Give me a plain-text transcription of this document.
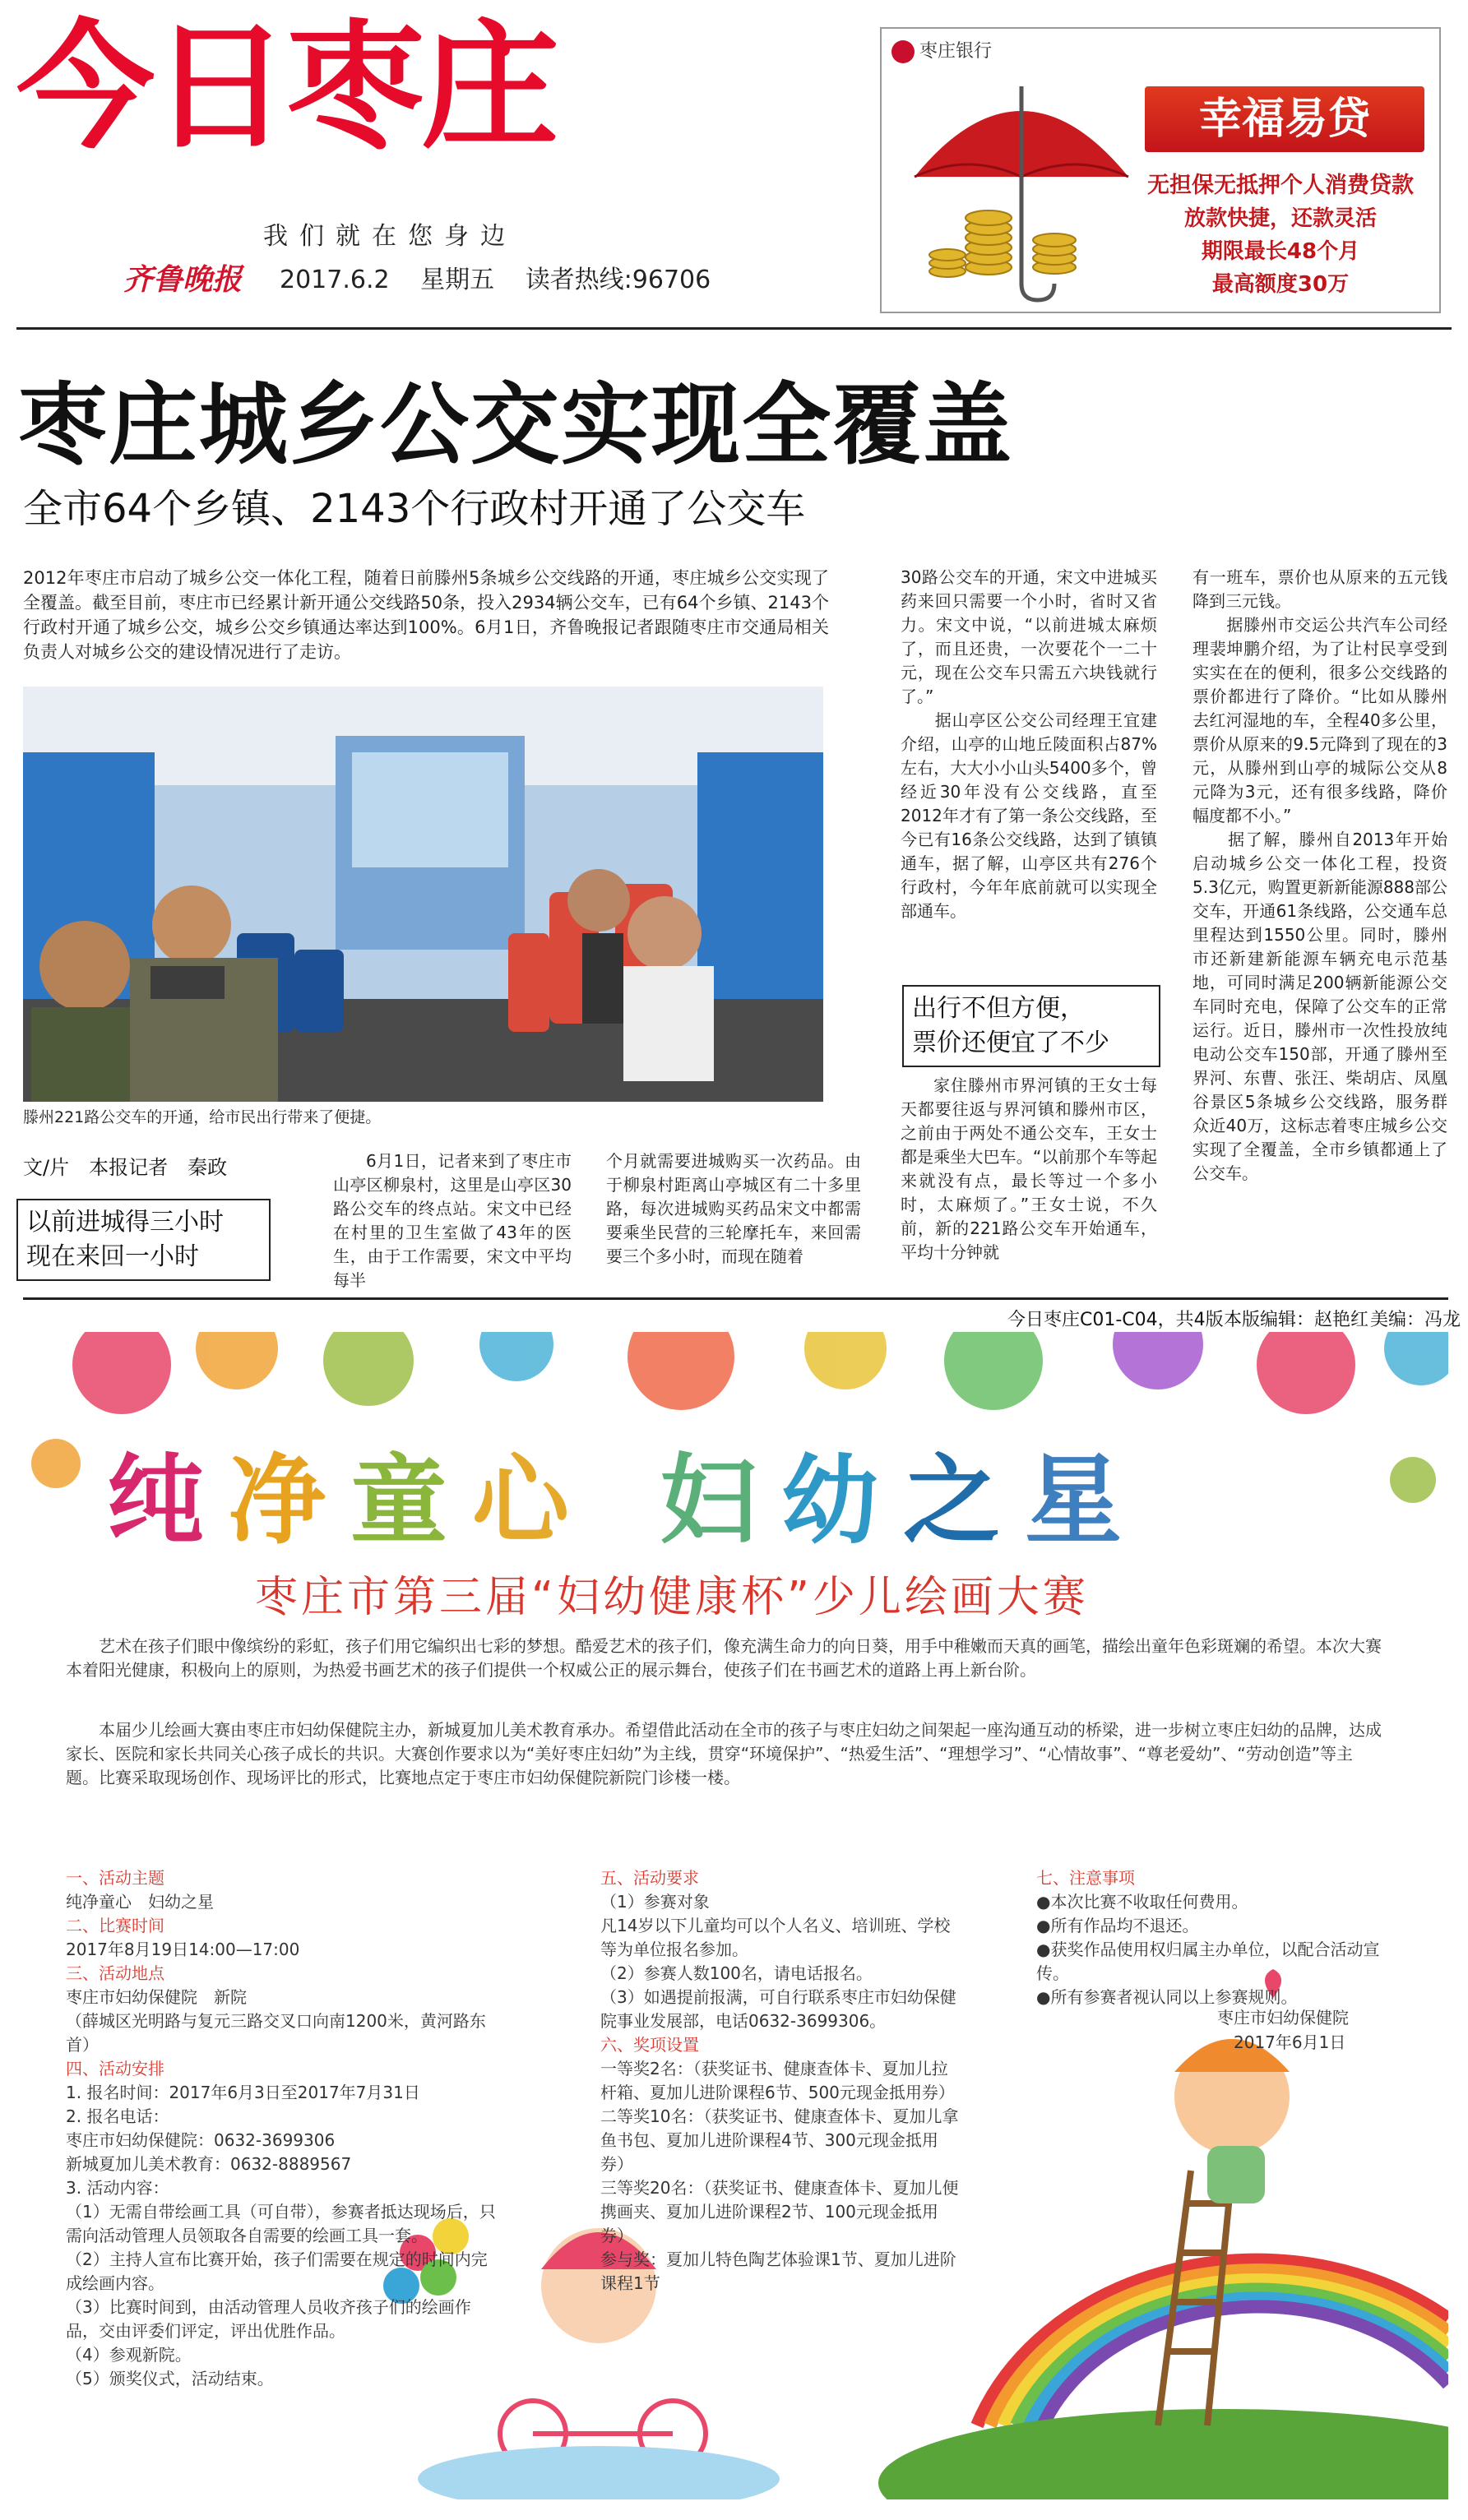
今日枣庄
我们就在您身边
齐鲁晚报 2017.6.2 星期五 读者热线:96706
枣庄银行
幸福易贷
无担保无抵押个人消费贷款
放款快捷，还款灵活
期限最长48个月
最高额度30万
枣庄城乡公交实现全覆盖
全市64个乡镇、2143个行政村开通了公交车
2012年枣庄市启动了城乡公交一体化工程，随着日前滕州5条城乡公交线路的开通，枣庄城乡公交实现了全覆盖。截至目前，枣庄市已经累计新开通公交线路50条，投入2934辆公交车，已有64个乡镇、2143个行政村开通了城乡公交，城乡公交乡镇通达率达到100%。6月1日，齐鲁晚报记者跟随枣庄市交通局相关负责人对城乡公交的建设情况进行了走访。
滕州221路公交车的开通，给市民出行带来了便捷。
文/片　本报记者　秦政
以前进城得三小时
现在来回一小时
6月1日，记者来到了枣庄市山亭区柳泉村，这里是山亭区30路公交车的终点站。宋文中已经在村里的卫生室做了43年的医生，由于工作需要，宋文中平均每半
个月就需要进城购买一次药品。由于柳泉村距离山亭城区有二十多里路，每次进城购买药品宋文中都需要乘坐民营的三轮摩托车，来回需要三个多小时，而现在随着
30路公交车的开通，宋文中进城买药来回只需要一个小时，省时又省力。宋文中说，“以前进城太麻烦了，而且还贵，一次要花个一二十元，现在公交车只需五六块钱就行了。”
　　据山亭区公交公司经理王宜建介绍，山亭的山地丘陵面积占87%左右，大大小小山头5400多个，曾经近30年没有公交线路，直至2012年才有了第一条公交线路，至今已有16条公交线路，达到了镇镇通车，据了解，山亭区共有276个行政村，今年年底前就可以实现全部通车。
出行不但方便，
票价还便宜了不少
家住滕州市界河镇的王女士每天都要往返与界河镇和滕州市区，之前由于两处不通公交车，王女士都是乘坐大巴车。“以前那个车等起来就没有点，最长等过一个多小时，太麻烦了。”王女士说，不久前，新的221路公交车开始通车，平均十分钟就
有一班车，票价也从原来的五元钱降到三元钱。
　　据滕州市交运公共汽车公司经理裴坤鹏介绍，为了让村民享受到实实在在的便利，很多公交线路的票价都进行了降价。“比如从滕州去红河湿地的车，全程40多公里，票价从原来的9.5元降到了现在的3元，从滕州到山亭的城际公交从8元降为3元，还有很多线路，降价幅度都不小。”
　　据了解，滕州自2013年开始启动城乡公交一体化工程，投资5.3亿元，购置更新新能源888部公交车，开通61条线路，公交通车总里程达到1550公里。同时，滕州市还新建新能源车辆充电示范基地，可同时满足200辆新能源公交车同时充电，保障了公交车的正常运行。近日，滕州市一次性投放纯电动公交车150部，开通了滕州至界河、东曹、张汪、柴胡店、凤凰谷景区5条城乡公交线路，服务群众近40万，这标志着枣庄城乡公交实现了全覆盖，全市乡镇都通上了公交车。
今日枣庄C01-C04，共4版 本版编辑：赵艳红 美编：冯龙
纯净童心 妇幼之星
枣庄市第三届“妇幼健康杯”少儿绘画大赛
艺术在孩子们眼中像缤纷的彩虹，孩子们用它编织出七彩的梦想。酷爱艺术的孩子们，像充满生命力的向日葵，用手中稚嫩而天真的画笔，描绘出童年色彩斑斓的希望。本次大赛本着阳光健康，积极向上的原则，为热爱书画艺术的孩子们提供一个权威公正的展示舞台，使孩子们在书画艺术的道路上再上新台阶。
本届少儿绘画大赛由枣庄市妇幼保健院主办，新城夏加儿美术教育承办。希望借此活动在全市的孩子与枣庄妇幼之间架起一座沟通互动的桥梁，进一步树立枣庄妇幼的品牌，达成家长、医院和家长共同关心孩子成长的共识。大赛创作要求以为“美好枣庄妇幼”为主线，贯穿“环境保护”、“热爱生活”、“理想学习”、“心情故事”、“尊老爱幼”、“劳动创造”等主题。比赛采取现场创作、现场评比的形式，比赛地点定于枣庄市妇幼保健院新院门诊楼一楼。
一、活动主题
纯净童心　妇幼之星
二、比赛时间
2017年8月19日14:00—17:00
三、活动地点
枣庄市妇幼保健院　新院
（薛城区光明路与复元三路交叉口向南1200米，黄河路东首）
四、活动安排
1. 报名时间：2017年6月3日至2017年7月31日
2. 报名电话：
枣庄市妇幼保健院：0632-3699306
新城夏加儿美术教育：0632-8889567
3. 活动内容：
（1）无需自带绘画工具（可自带），参赛者抵达现场后，只需向活动管理人员领取各自需要的绘画工具一套。
（2）主持人宣布比赛开始，孩子们需要在规定的时间内完成绘画内容。
（3）比赛时间到，由活动管理人员收齐孩子们的绘画作品，交由评委们评定，评出优胜作品。
（4）参观新院。
（5）颁奖仪式，活动结束。
五、活动要求
（1）参赛对象
凡14岁以下儿童均可以个人名义、培训班、学校等为单位报名参加。
（2）参赛人数100名，请电话报名。
（3）如遇提前报满，可自行联系枣庄市妇幼保健院事业发展部，电话0632-3699306。
六、奖项设置
一等奖2名：（获奖证书、健康查体卡、夏加儿拉杆箱、夏加儿进阶课程6节、500元现金抵用券）
二等奖10名：（获奖证书、健康查体卡、夏加儿拿鱼书包、夏加儿进阶课程4节、300元现金抵用券）
三等奖20名：（获奖证书、健康查体卡、夏加儿便携画夹、夏加儿进阶课程2节、100元现金抵用券）
参与奖：夏加儿特色陶艺体验课1节、夏加儿进阶课程1节
七、注意事项
●本次比赛不收取任何费用。
●所有作品均不退还。
●获奖作品使用权归属主办单位，以配合活动宣传。
●所有参赛者视认同以上参赛规则。
枣庄市妇幼保健院
2017年6月1日
